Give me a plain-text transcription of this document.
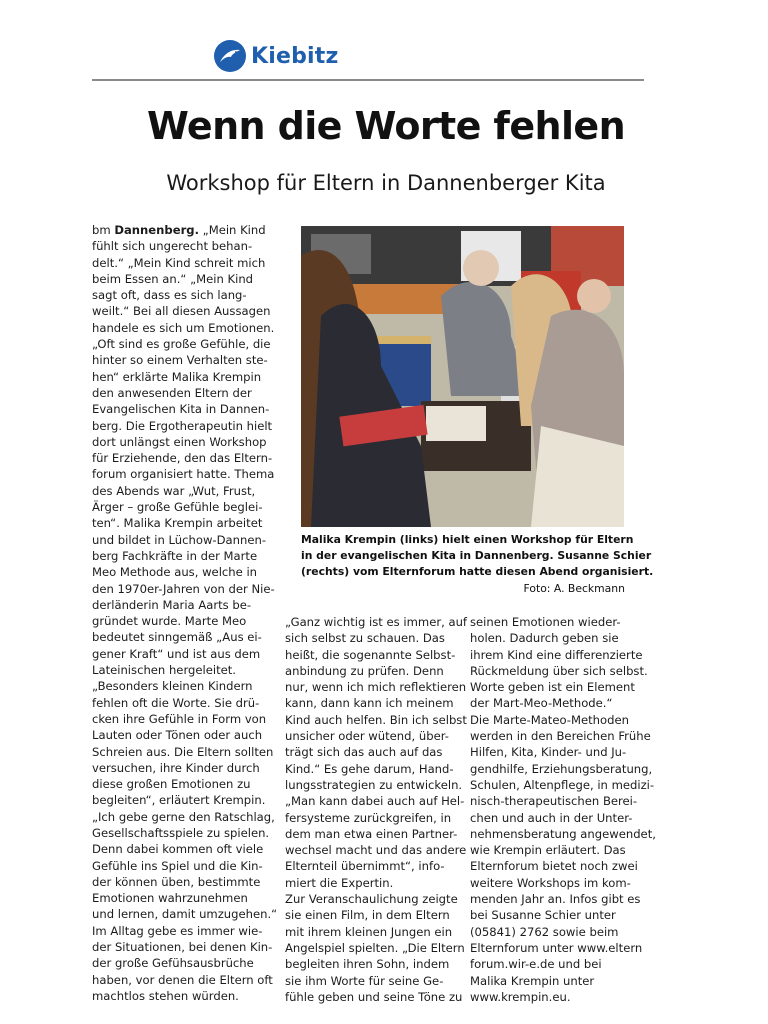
Kiebitz
Wenn die Worte fehlen
Workshop für Eltern in Dannenberger Kita
bm Dannenberg. „Mein Kind
fühlt sich ungerecht behan-
delt.“ „Mein Kind schreit mich
beim Essen an.“ „Mein Kind
sagt oft, dass es sich lang-
weilt.“ Bei all diesen Aussagen
handele es sich um Emotionen.
„Oft sind es große Gefühle, die
hinter so einem Verhalten ste-
hen“ erklärte Malika Krempin
den anwesenden Eltern der
Evangelischen Kita in Dannen-
berg. Die Ergotherapeutin hielt
dort unlängst einen Workshop
für Erziehende, den das Eltern-
forum organisiert hatte. Thema
des Abends war „Wut, Frust,
Ärger – große Gefühle beglei-
ten“. Malika Krempin arbeitet
und bildet in Lüchow-Dannen-
berg Fachkräfte in der Marte
Meo Methode aus, welche in
den 1970er-Jahren von der Nie-
derländerin Maria Aarts be-
gründet wurde. Marte Meo
bedeutet sinngemäß „Aus ei-
gener Kraft“ und ist aus dem
Lateinischen hergeleitet.
„Besonders kleinen Kindern
fehlen oft die Worte. Sie drü-
cken ihre Gefühle in Form von
Lauten oder Tönen oder auch
Schreien aus. Die Eltern sollten
versuchen, ihre Kinder durch
diese großen Emotionen zu
begleiten“, erläutert Krempin.
„Ich gebe gerne den Ratschlag,
Gesellschaftsspiele zu spielen.
Denn dabei kommen oft viele
Gefühle ins Spiel und die Kin-
der können üben, bestimmte
Emotionen wahrzunehmen
und lernen, damit umzugehen.“
Im Alltag gebe es immer wie-
der Situationen, bei denen Kin-
der große Gefühsausbrüche
haben, vor denen die Eltern oft
machtlos stehen würden.
Malika Krempin (links) hielt einen Workshop für Eltern
in der evangelischen Kita in Dannenberg. Susanne Schier
(rechts) vom Elternforum hatte diesen Abend organisiert.
Foto: A. Beckmann
„Ganz wichtig ist es immer, auf
sich selbst zu schauen. Das
heißt, die sogenannte Selbst-
anbindung zu prüfen. Denn
nur, wenn ich mich reflektieren
kann, dann kann ich meinem
Kind auch helfen. Bin ich selbst
unsicher oder wütend, über-
trägt sich das auch auf das
Kind.“ Es gehe darum, Hand-
lungsstrategien zu entwickeln.
„Man kann dabei auch auf Hel-
fersysteme zurückgreifen, in
dem man etwa einen Partner-
wechsel macht und das andere
Elternteil übernimmt“, info-
miert die Expertin.
Zur Veranschaulichung zeigte
sie einen Film, in dem Eltern
mit ihrem kleinen Jungen ein
Angelspiel spielten. „Die Eltern
begleiten ihren Sohn, indem
sie ihm Worte für seine Ge-
fühle geben und seine Töne zu
seinen Emotionen wieder-
holen. Dadurch geben sie
ihrem Kind eine differenzierte
Rückmeldung über sich selbst.
Worte geben ist ein Element
der Mart-Meo-Methode.“
Die Marte-Mateo-Methoden
werden in den Bereichen Frühe
Hilfen, Kita, Kinder- und Ju-
gendhilfe, Erziehungsberatung,
Schulen, Altenpflege, in medizi-
nisch-therapeutischen Berei-
chen und auch in der Unter-
nehmensberatung angewendet,
wie Krempin erläutert. Das
Elternforum bietet noch zwei
weitere Workshops im kom-
menden Jahr an. Infos gibt es
bei Susanne Schier unter
(05841) 2762 sowie beim
Elternforum unter www.eltern
forum.wir-e.de und bei
Malika Krempin unter
www.krempin.eu.
